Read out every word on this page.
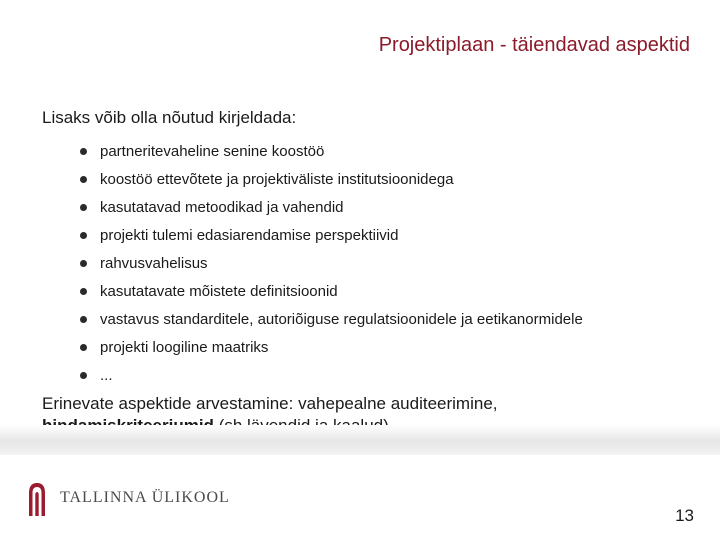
Projektiplaan - täiendavad aspektid
Lisaks võib olla nõutud kirjeldada:
partneritevaheline senine koostöö
koostöö ettevõtete ja projektiväliste institutsioonidega
kasutatavad metoodikad ja vahendid
projekti tulemi edasiarendamise perspektiivid
rahvusvahelisus
kasutatavate mõistete definitsioonid
vastavus standarditele, autoriõiguse regulatsioonidele ja eetikanormidele
projekti loogiline maatriks
...
Erinevate aspektide arvestamine: vahepealne auditeerimine,

TALLINNA ÜLIKOOL
13
